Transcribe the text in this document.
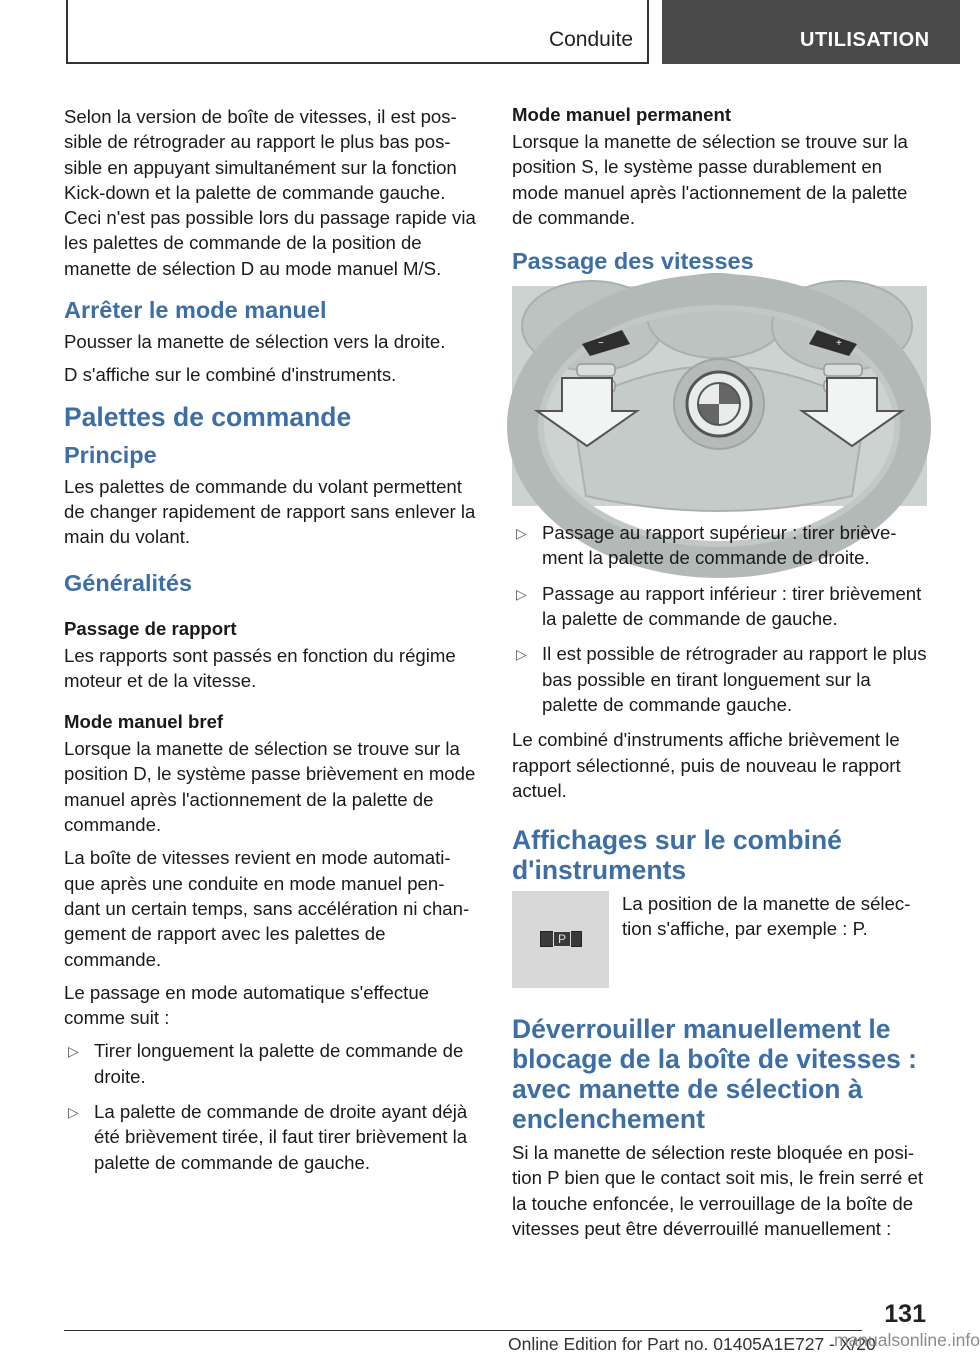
Conduite	UTILISATION

Selon la version de boîte de vitesses, il est pos-sible de rétrograder au rapport le plus bas pos-sible en appuyant simultanément sur la fonction Kick-down et la palette de commande gauche. Ceci n'est pas possible lors du passage rapide via les palettes de commande de la position de manette de sélection D au mode manuel M/S.

Arrêter le mode manuel

Pousser la manette de sélection vers la droite.

D s'affiche sur le combiné d'instruments.

Palettes de commande
Principe

Les palettes de commande du volant permettent de changer rapidement de rapport sans enlever la main du volant.

Généralités
Passage de rapport

Les rapports sont passés en fonction du régime moteur et de la vitesse.

Mode manuel bref

Lorsque la manette de sélection se trouve sur la position D, le système passe brièvement en mode manuel après l'actionnement de la palette de commande.

La boîte de vitesses revient en mode automati-que après une conduite en mode manuel pen-dant un certain temps, sans accélération ni chan-gement de rapport avec les palettes de commande.

Le passage en mode automatique s'effectue comme suit :

▷ Tirer longuement la palette de commande de droite.
▷ La palette de commande de droite ayant déjà été brièvement tirée, il faut tirer brièvement la palette de commande de gauche.
Mode manuel permanent

Lorsque la manette de sélection se trouve sur la position S, le système passe durablement en mode manuel après l'actionnement de la palette de commande.

Passage des vitesses
−	+
▷ Passage au rapport supérieur : tirer briève-ment la palette de commande de droite.
▷ Passage au rapport inférieur : tirer brièvement la palette de commande de gauche.
▷ Il est possible de rétrograder au rapport le plus bas possible en tirant longuement sur la palette de commande gauche.

Le combiné d'instruments affiche brièvement le rapport sélectionné, puis de nouveau le rapport actuel.

Affichages sur le combiné d'instruments
P
La position de la manette de sélec-tion s'affiche, par exemple : P.
Déverrouiller manuellement le blocage de la boîte de vitesses : avec manette de sélection à enclenchement

Si la manette de sélection reste bloquée en posi-tion P bien que le contact soit mis, le frein serré et la touche enfoncée, le verrouillage de la boîte de vitesses peut être déverrouillé manuellement :

131
Online Edition for Part no. 01405A1E727 - X/20
manualsonline.info
